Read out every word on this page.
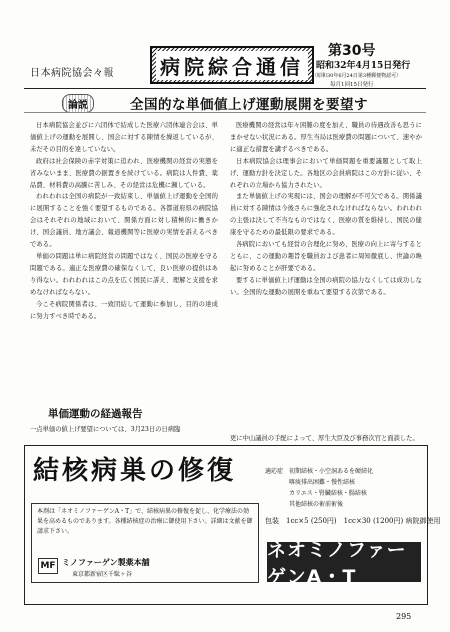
日本病院協会々報 病院綜合通信
第30号
昭和32年4月15日発行
（昭和30年6月24日第3種郵便物認可）
毎月1回15日発行
論説	全国的な単価値上げ運動展開を要望す

日本病院協会並びに六団体で結成した医療六団体連合会は、単価値上げの運動を展開し、国会に対する陳情を繰返しているが、未だその目的を達していない。

政府は社会保険の赤字対策に追われ、医療機関の経営の実態を省みないまま、医療費の据置きを続けている。病院は人件費、薬品費、材料費の高騰に苦しみ、その経営は危機に瀕している。

われわれは全国の病院が一致結束し、単価値上げ運動を全国的に展開することを強く要望するものである。各都道府県の病院協会はそれぞれの地域において、関係方面に対し積極的に働きかけ、国会議員、地方議会、報道機関等に医療の実情を訴えるべきである。

単価の問題は単に病院経営の問題ではなく、国民の医療を守る問題である。適正な医療費の確保なくして、良い医療の提供はあり得ない。われわれはこの点を広く国民に訴え、理解と支援を求めなければならない。

今こそ病院関係者は、一致団結して運動に参加し、目的の達成に努力すべき時である。

医療機関の経営は年々困難の度を加え、職員の待遇改善も思うにまかせない状況にある。厚生当局は医療費の問題について、速やかに適正な措置を講ずるべきである。

日本病院協会は理事会において単価問題を重要議題として取上げ、運動方針を決定した。各地区の会員病院はこの方針に従い、それぞれの立場から協力されたい。

また単価値上げの実現には、国会の理解が不可欠である。関係議員に対する陳情は今後さらに強化されなければならない。われわれの主張は決して不当なものではなく、医療の質を維持し、国民の健康を守るための最低限の要求である。

各病院においても経営の合理化に努め、医療の向上に寄与するとともに、この運動の趣旨を職員および患者に周知徹底し、世論の喚起に努めることが肝要である。

要するに単価値上げ運動は全国の病院の協力なくしては成功しない。全国的な運動の展開を重ねて要望する次第である。

単価運動の経過報告
一点単価の値上げ要望については、3月23日の日病臨
更に中山議員の手配によって、厚生大臣及び事務次官と面談した。
結核病巣の修復	適応症　初期結核・小空洞あるを硬結化
　　　　喀痰排出困難・慢性結核
　　　　カリエス・腎臓結核・腸結核
　　　　其他結核の術前術後
包装　1cc×5 (250円)　1cc×30 (1200円) 病院御使用
本剤は「ネオミノファーゲンA・T」で、結核病巣の修復を促し、化学療法の効果を高めるものであります。各種結核症の治療に御使用下さい。詳細は文献を御請求下さい。
MF ミノファーゲン製薬本舗
東京都新宿区千駄ヶ谷
ネオミノファーゲンA・T
295
